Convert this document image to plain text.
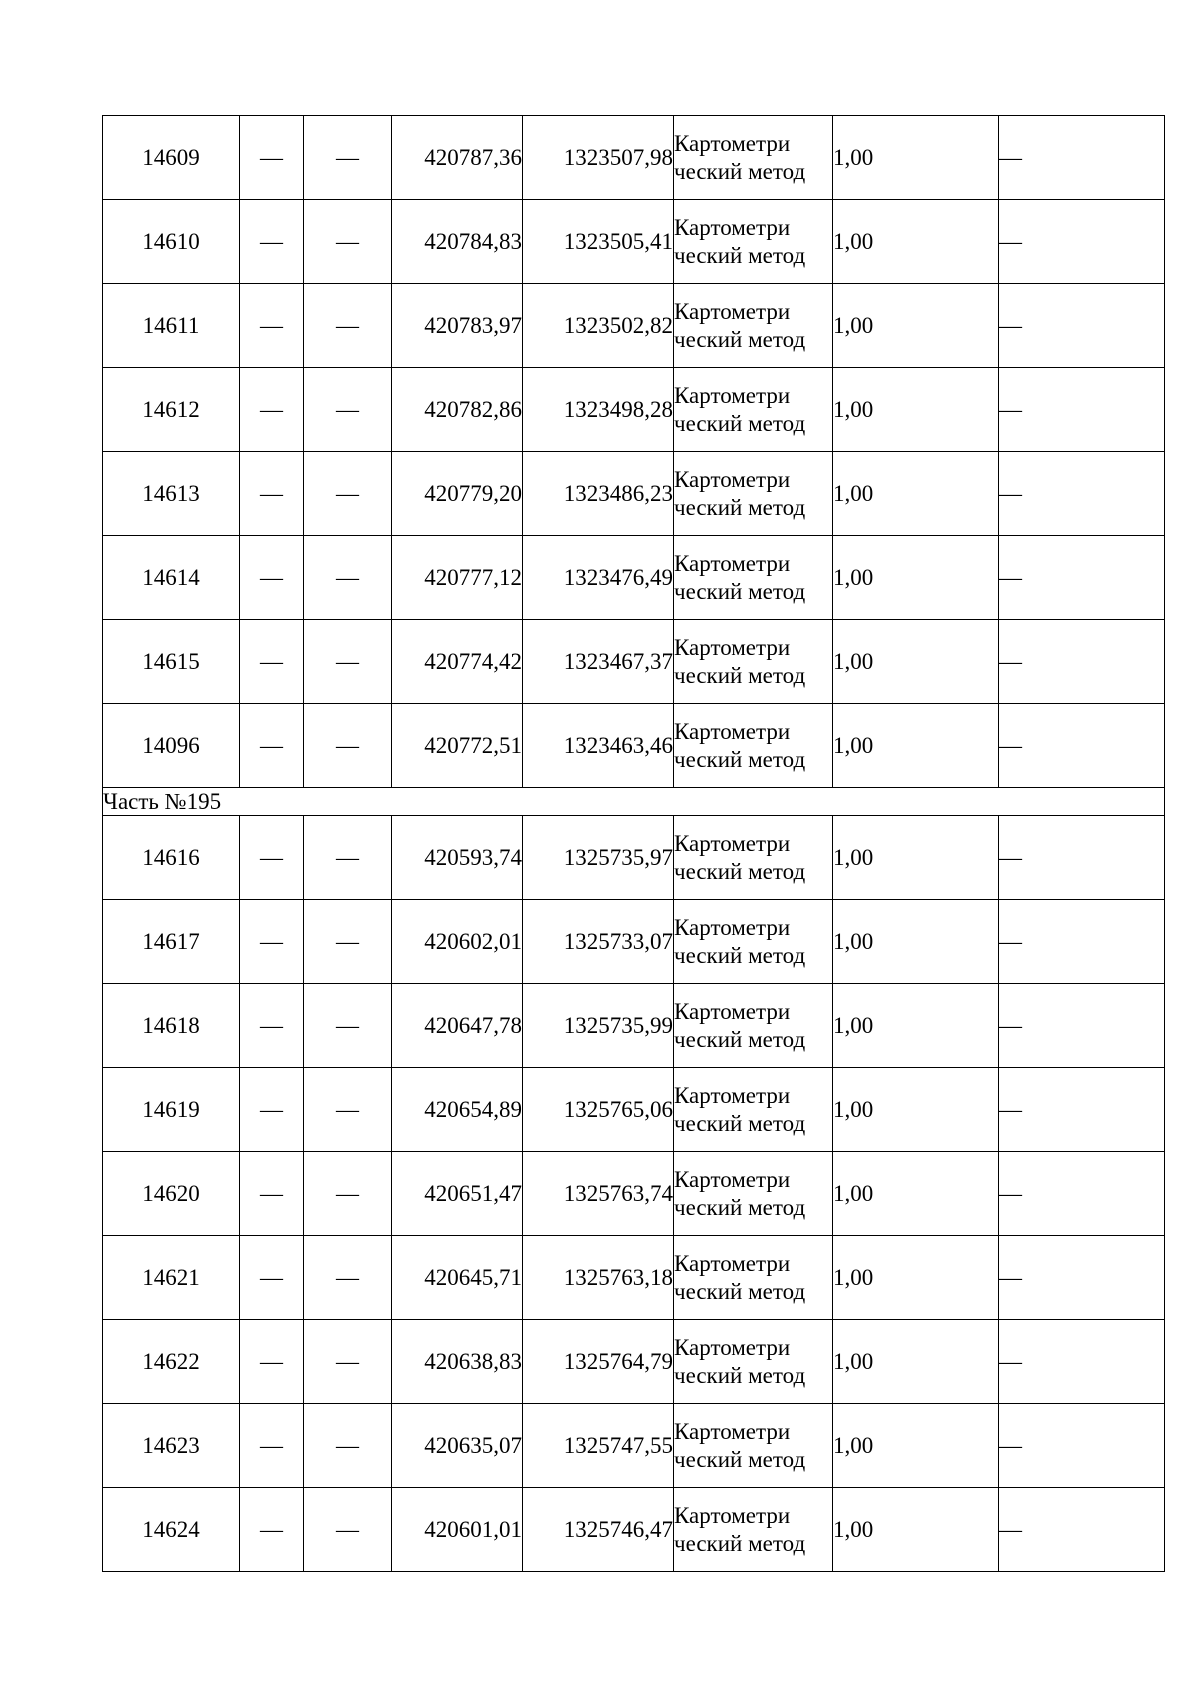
14609	—	—	420787,36	1323507,98	Картометри ческий метод	1,00	—
14610	—	—	420784,83	1323505,41	Картометри ческий метод	1,00	—
14611	—	—	420783,97	1323502,82	Картометри ческий метод	1,00	—
14612	—	—	420782,86	1323498,28	Картометри ческий метод	1,00	—
14613	—	—	420779,20	1323486,23	Картометри ческий метод	1,00	—
14614	—	—	420777,12	1323476,49	Картометри ческий метод	1,00	—
14615	—	—	420774,42	1323467,37	Картометри ческий метод	1,00	—
14096	—	—	420772,51	1323463,46	Картометри ческий метод	1,00	—
Часть №195							
14616	—	—	420593,74	1325735,97	Картометри ческий метод	1,00	—
14617	—	—	420602,01	1325733,07	Картометри ческий метод	1,00	—
14618	—	—	420647,78	1325735,99	Картометри ческий метод	1,00	—
14619	—	—	420654,89	1325765,06	Картометри ческий метод	1,00	—
14620	—	—	420651,47	1325763,74	Картометри ческий метод	1,00	—
14621	—	—	420645,71	1325763,18	Картометри ческий метод	1,00	—
14622	—	—	420638,83	1325764,79	Картометри ческий метод	1,00	—
14623	—	—	420635,07	1325747,55	Картометри ческий метод	1,00	—
14624	—	—	420601,01	1325746,47	Картометри ческий метод	1,00	—
